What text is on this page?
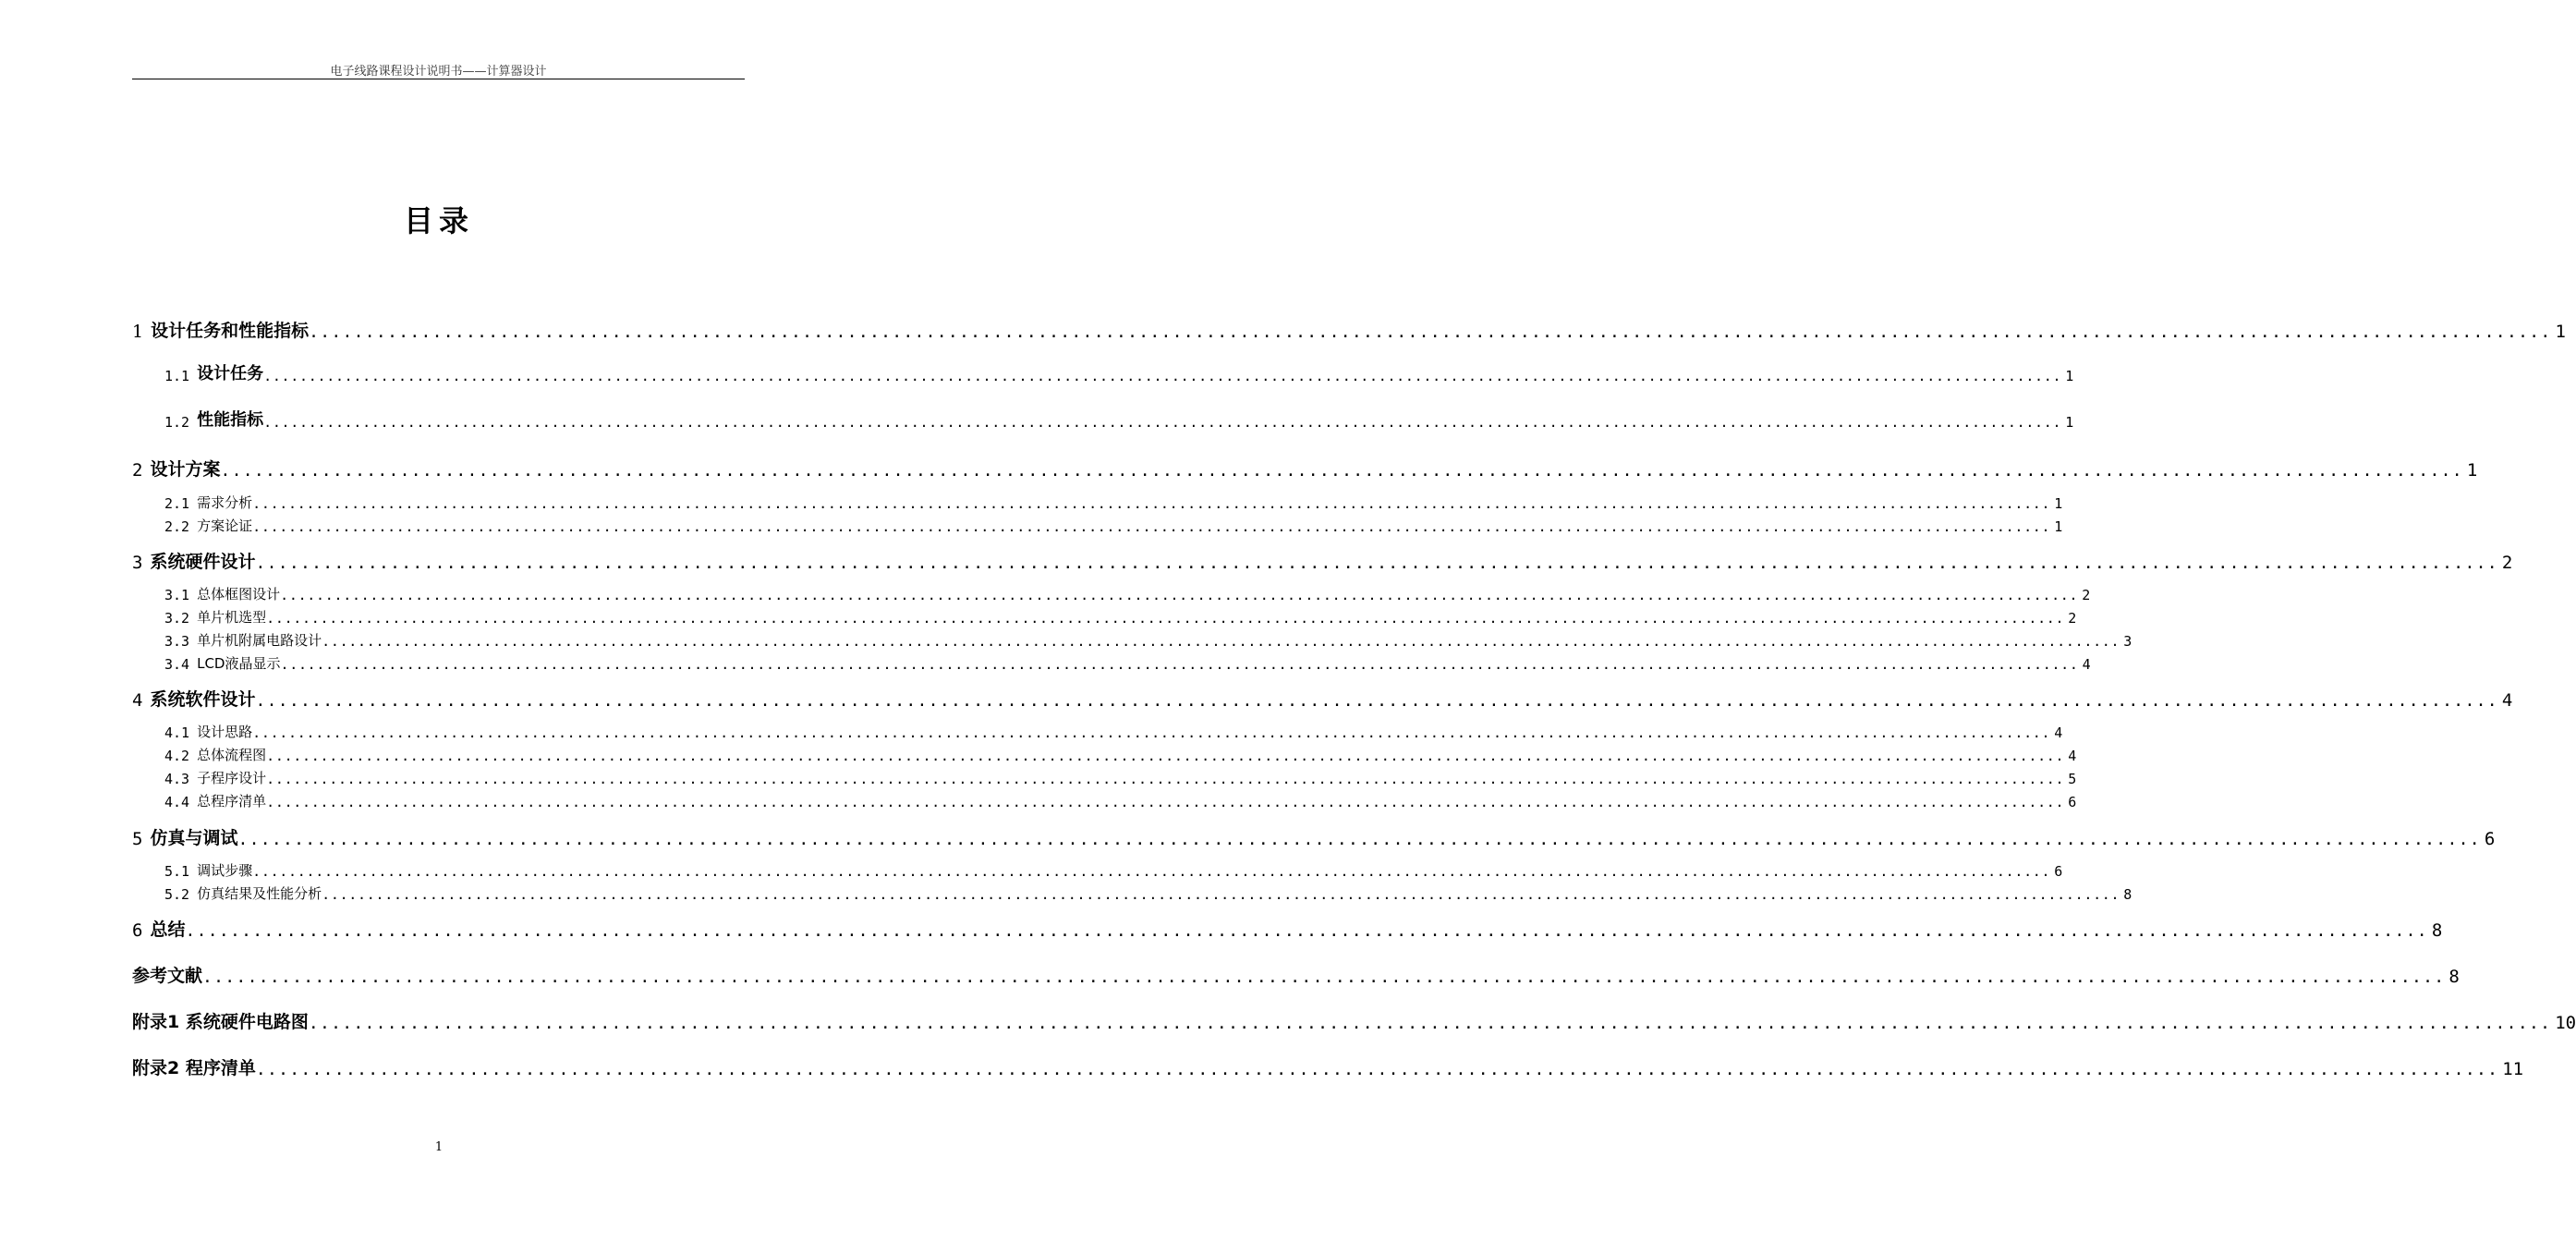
电子线路课程设计说明书——计算器设计
目录
1 设计任务和性能指标 ........................................................................................................................................................................................................ 1
1.1 设计任务 ........................................................................................................................................................................................................ 1
1.2 性能指标 ........................................................................................................................................................................................................ 1
2 设计方案 ........................................................................................................................................................................................................ 1
2.1 需求分析 ........................................................................................................................................................................................................ 1
2.2 方案论证 ........................................................................................................................................................................................................ 1
3 系统硬件设计 ........................................................................................................................................................................................................ 2
3.1 总体框图设计 ........................................................................................................................................................................................................ 2
3.2 单片机选型 ........................................................................................................................................................................................................ 2
3.3 单片机附属电路设计 ........................................................................................................................................................................................................ 3
3.4 LCD液晶显示 ........................................................................................................................................................................................................ 4
4 系统软件设计 ........................................................................................................................................................................................................ 4
4.1 设计思路 ........................................................................................................................................................................................................ 4
4.2 总体流程图 ........................................................................................................................................................................................................ 4
4.3 子程序设计 ........................................................................................................................................................................................................ 5
4.4 总程序清单 ........................................................................................................................................................................................................ 6
5 仿真与调试 ........................................................................................................................................................................................................ 6
5.1 调试步骤 ........................................................................................................................................................................................................ 6
5.2 仿真结果及性能分析 ........................................................................................................................................................................................................ 8
6 总结 ........................................................................................................................................................................................................ 8
参考文献 ........................................................................................................................................................................................................ 8
附录1 系统硬件电路图 ........................................................................................................................................................................................................ 10
附录2 程序清单 ........................................................................................................................................................................................................ 11
1
